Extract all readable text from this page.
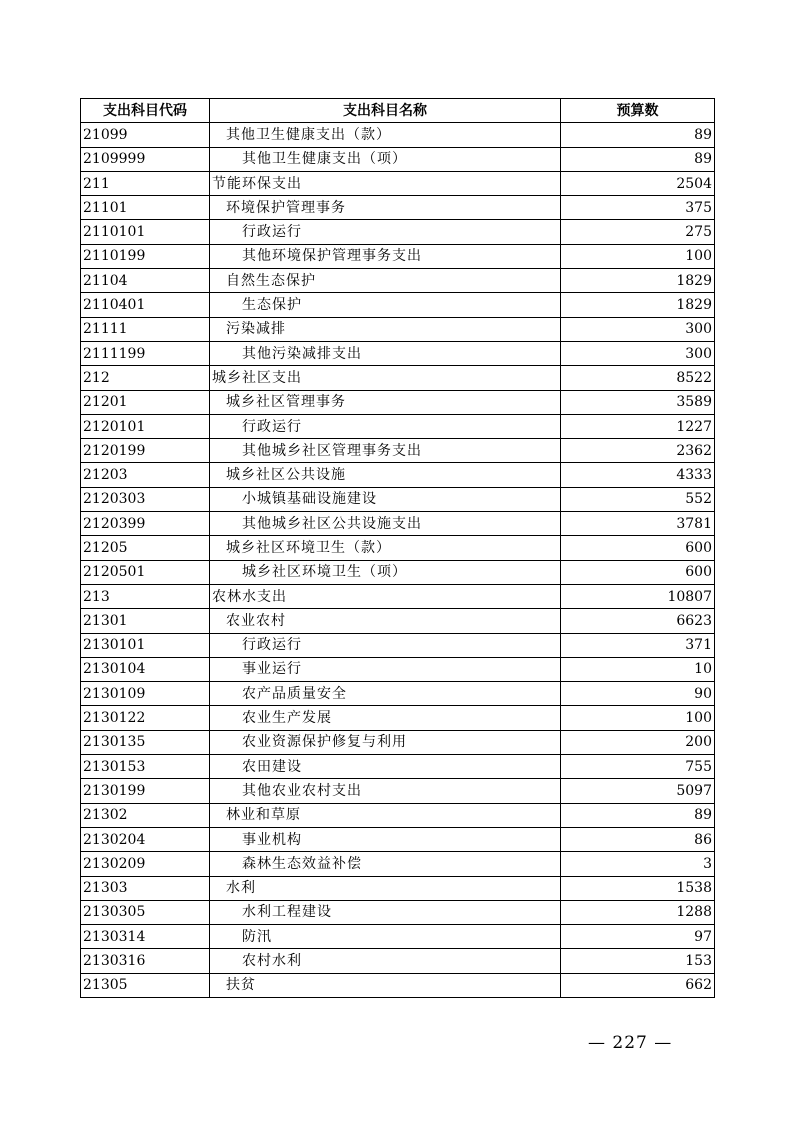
支出科目代码	支出科目名称	预算数
21099	其他卫生健康支出（款）	89
2109999	其他卫生健康支出（项）	89
211	节能环保支出	2504
21101	环境保护管理事务	375
2110101	行政运行	275
2110199	其他环境保护管理事务支出	100
21104	自然生态保护	1829
2110401	生态保护	1829
21111	污染减排	300
2111199	其他污染减排支出	300
212	城乡社区支出	8522
21201	城乡社区管理事务	3589
2120101	行政运行	1227
2120199	其他城乡社区管理事务支出	2362
21203	城乡社区公共设施	4333
2120303	小城镇基础设施建设	552
2120399	其他城乡社区公共设施支出	3781
21205	城乡社区环境卫生（款）	600
2120501	城乡社区环境卫生（项）	600
213	农林水支出	10807
21301	农业农村	6623
2130101	行政运行	371
2130104	事业运行	10
2130109	农产品质量安全	90
2130122	农业生产发展	100
2130135	农业资源保护修复与利用	200
2130153	农田建设	755
2130199	其他农业农村支出	5097
21302	林业和草原	89
2130204	事业机构	86
2130209	森林生态效益补偿	3
21303	水利	1538
2130305	水利工程建设	1288
2130314	防汛	97
2130316	农村水利	153
21305	扶贫	662
— 227 —
